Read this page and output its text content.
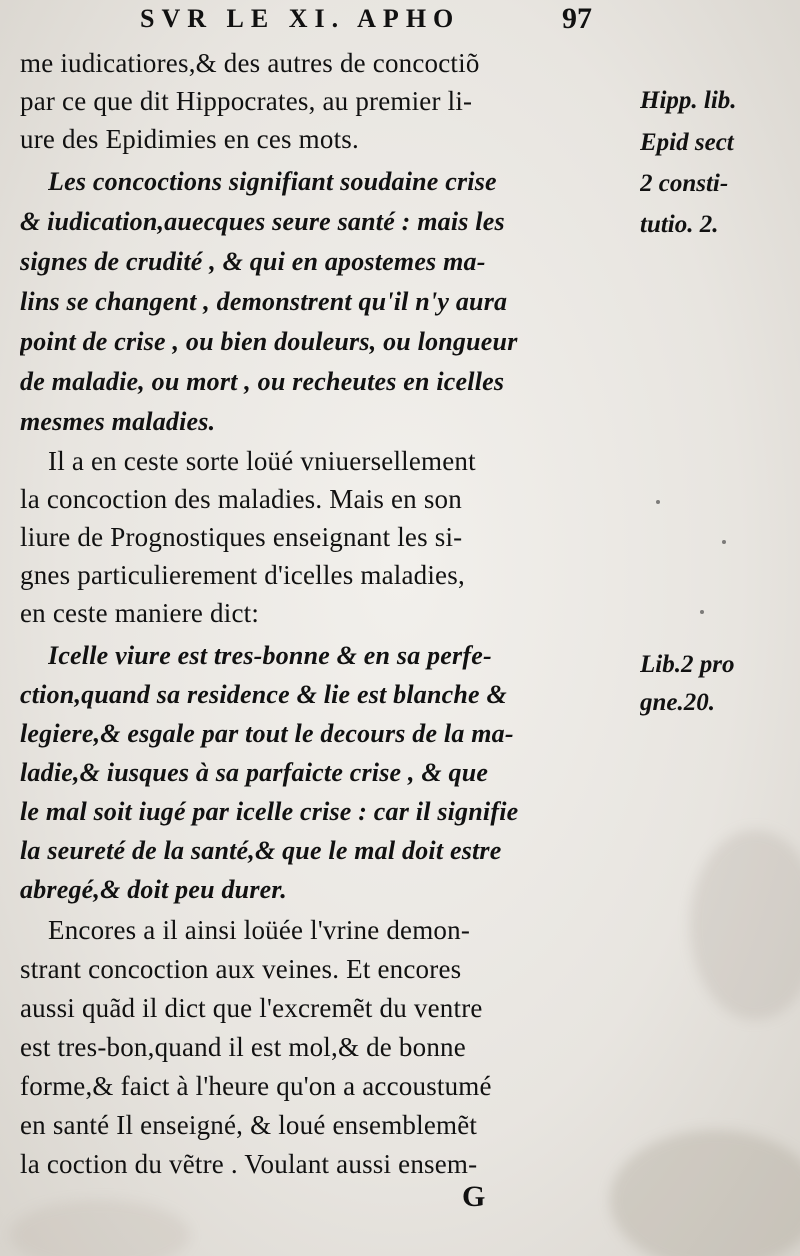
SVR LE XI. APHO	97
me iudicatiores,& des autres de concoctiõ
par ce que dit Hippocrates, au premier li-
ure des Epidimies en ces mots.
Les concoctions signifiant soudaine crise
& iudication,auecques seure santé : mais les
signes de crudité , & qui en apostemes ma-
lins se changent , demonstrent qu'il n'y aura
point de crise , ou bien douleurs, ou longueur
de maladie, ou mort , ou recheutes en icelles
mesmes maladies.
Il a en ceste sorte loüé vniuersellement
la concoction des maladies. Mais en son
liure de Prognostiques enseignant les si-
gnes particulierement d'icelles maladies,
en ceste maniere dict:
Icelle viure est tres-bonne & en sa perfe-
ction,quand sa residence & lie est blanche &
legiere,& esgale par tout le decours de la ma-
ladie,& iusques à sa parfaicte crise , & que
le mal soit iugé par icelle crise : car il signifie
la seureté de la santé,& que le mal doit estre
abregé,& doit peu durer.
Encores a il ainsi loüée l'vrine demon-
strant concoction aux veines. Et encores
aussi quãd il dict que l'excremẽt du ventre
est tres-bon,quand il est mol,& de bonne
forme,& faict à l'heure qu'on a accoustumé
en santé Il enseigné, & loué ensemblemẽt
la coction du vẽtre . Voulant aussi ensem-
Hipp. lib.
Epid sect
2 consti-
tutio. 2.
Lib.2 pro
gne.20.
G
